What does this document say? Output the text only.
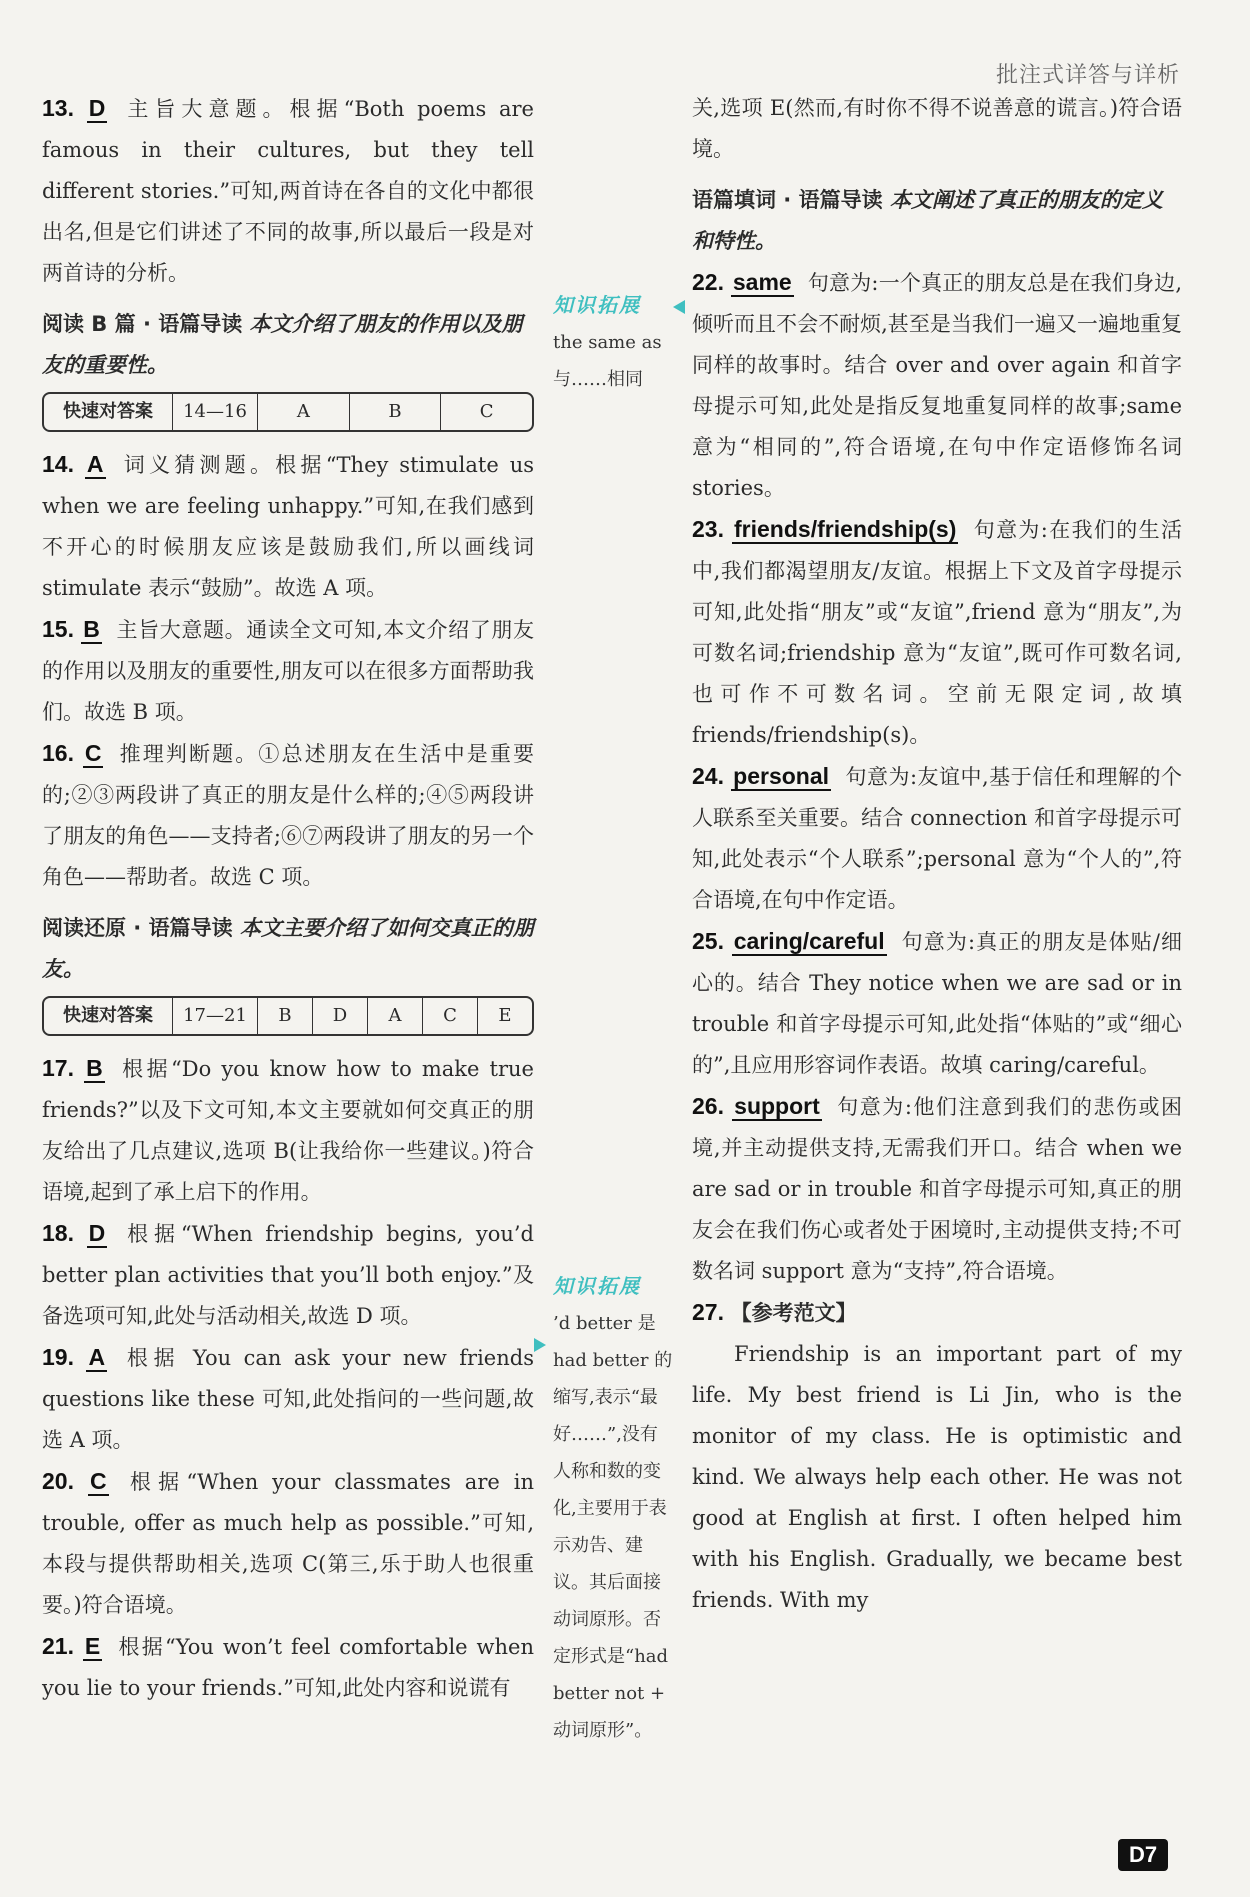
批注式详答与详析
13. D 主旨大意题。根据“Both poems are famous in their cultures, but they tell different stories.”可知,两首诗在各自的文化中都很出名,但是它们讲述了不同的故事,所以最后一段是对两首诗的分析。
阅读 B 篇 · 语篇导读 本文介绍了朋友的作用以及朋友的重要性。
快速对答案	14—16	A	B	C
14. A 词义猜测题。根据“They stimulate us when we are feeling unhappy.”可知,在我们感到不开心的时候朋友应该是鼓励我们,所以画线词 stimulate 表示“鼓励”。故选 A 项。
15. B 主旨大意题。通读全文可知,本文介绍了朋友的作用以及朋友的重要性,朋友可以在很多方面帮助我们。故选 B 项。
16. C 推理判断题。①总述朋友在生活中是重要的;②③两段讲了真正的朋友是什么样的;④⑤两段讲了朋友的角色——支持者;⑥⑦两段讲了朋友的另一个角色——帮助者。故选 C 项。
阅读还原 · 语篇导读 本文主要介绍了如何交真正的朋友。
快速对答案	17—21	B	D	A	C	E
17. B 根据“Do you know how to make true friends?”以及下文可知,本文主要就如何交真正的朋友给出了几点建议,选项 B(让我给你一些建议。)符合语境,起到了承上启下的作用。
18. D 根据“When friendship begins, you’d better plan activities that you’ll both enjoy.”及备选项可知,此处与活动相关,故选 D 项。
19. A 根据 You can ask your new friends questions like these 可知,此处指问的一些问题,故选 A 项。
20. C 根据“When your classmates are in trouble, offer as much help as possible.”可知,本段与提供帮助相关,选项 C(第三,乐于助人也很重要。)符合语境。
21. E 根据“You won’t feel comfortable when you lie to your friends.”可知,此处内容和说谎有
知识拓展
the same as 与……相同
知识拓展
’d better 是 had better 的缩写,表示“最好……”,没有人称和数的变化,主要用于表示劝告、建议。其后面接动词原形。否定形式是“had better not + 动词原形”。
关,选项 E(然而,有时你不得不说善意的谎言。)符合语境。
语篇填词 · 语篇导读 本文阐述了真正的朋友的定义和特性。
22. same 句意为:一个真正的朋友总是在我们身边,倾听而且不会不耐烦,甚至是当我们一遍又一遍地重复同样的故事时。结合 over and over again 和首字母提示可知,此处是指反复地重复同样的故事;same 意为“相同的”,符合语境,在句中作定语修饰名词 stories。
23. friends/friendship(s) 句意为:在我们的生活中,我们都渴望朋友/友谊。根据上下文及首字母提示可知,此处指“朋友”或“友谊”,friend 意为“朋友”,为可数名词;friendship 意为“友谊”,既可作可数名词,也可作不可数名词。空前无限定词,故填 friends/friendship(s)。
24. personal 句意为:友谊中,基于信任和理解的个人联系至关重要。结合 connection 和首字母提示可知,此处表示“个人联系”;personal 意为“个人的”,符合语境,在句中作定语。
25. caring/careful 句意为:真正的朋友是体贴/细心的。结合 They notice when we are sad or in trouble 和首字母提示可知,此处指“体贴的”或“细心的”,且应用形容词作表语。故填 caring/careful。
26. support 句意为:他们注意到我们的悲伤或困境,并主动提供支持,无需我们开口。结合 when we are sad or in trouble 和首字母提示可知,真正的朋友会在我们伤心或者处于困境时,主动提供支持;不可数名词 support 意为“支持”,符合语境。
27. 【参考范文】
Friendship is an important part of my life. My best friend is Li Jin, who is the monitor of my class. He is optimistic and kind. We always help each other. He was not good at English at first. I often helped him with his English. Gradually, we became best friends. With my
D7
